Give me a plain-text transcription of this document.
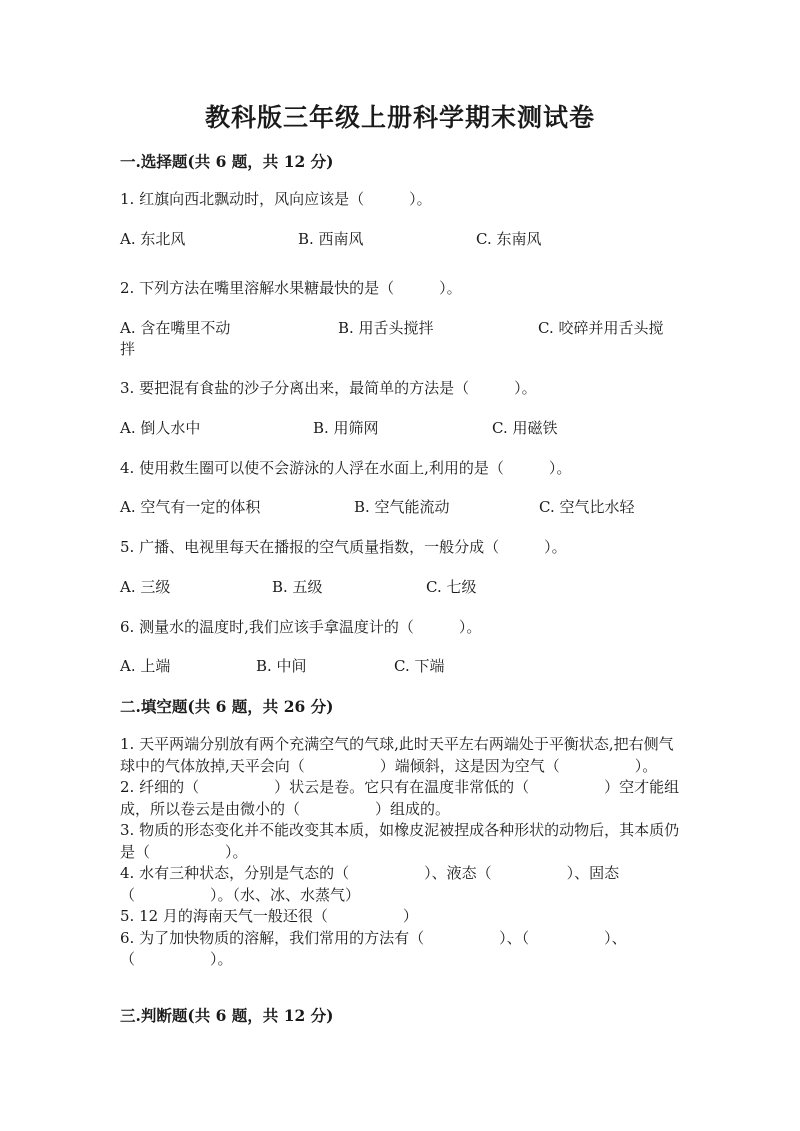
教科版三年级上册科学期末测试卷
一.选择题(共 6 题，共 12 分)
1. 红旗向西北飘动时，风向应该是（　　　）。
A. 东北风	B. 西南风	C. 东南风
2. 下列方法在嘴里溶解水果糖最快的是（　　　）。
A. 含在嘴里不动	B. 用舌头搅拌	C. 咬碎并用舌头搅
拌
3. 要把混有食盐的沙子分离出来，最简单的方法是（　　　）。
A. 倒人水中	B. 用筛网	C. 用磁铁
4. 使用救生圈可以使不会游泳的人浮在水面上,利用的是（　　　）。
A. 空气有一定的体积	B. 空气能流动	C. 空气比水轻
5. 广播、电视里每天在播报的空气质量指数，一般分成（　　　）。
A. 三级	B. 五级	C. 七级
6. 测量水的温度时,我们应该手拿温度计的（　　　）。
A. 上端	B. 中间	C. 下端
二.填空题(共 6 题，共 26 分)

1. 天平两端分别放有两个充满空气的气球,此时天平左右两端处于平衡状态,把右侧气球中的气体放掉,天平会向（　　　　　）端倾斜，这是因为空气（　　　　　）。

2. 纤细的（　　　　　）状云是卷。它只有在温度非常低的（　　　　　）空才能组成，所以卷云是由微小的（　　　　　）组成的。

3. 物质的形态变化并不能改变其本质，如橡皮泥被捏成各种形状的动物后，其本质仍是（　　　　　）。

4. 水有三种状态，分别是气态的（　　　　　）、液态（　　　　　）、固态（　　　　　）。（水、冰、水蒸气）

5. 12 月的海南天气一般还很（　　　　　）

6. 为了加快物质的溶解，我们常用的方法有（　　　　　）、（　　　　　）、（　　　　　）。

三.判断题(共 6 题，共 12 分)
